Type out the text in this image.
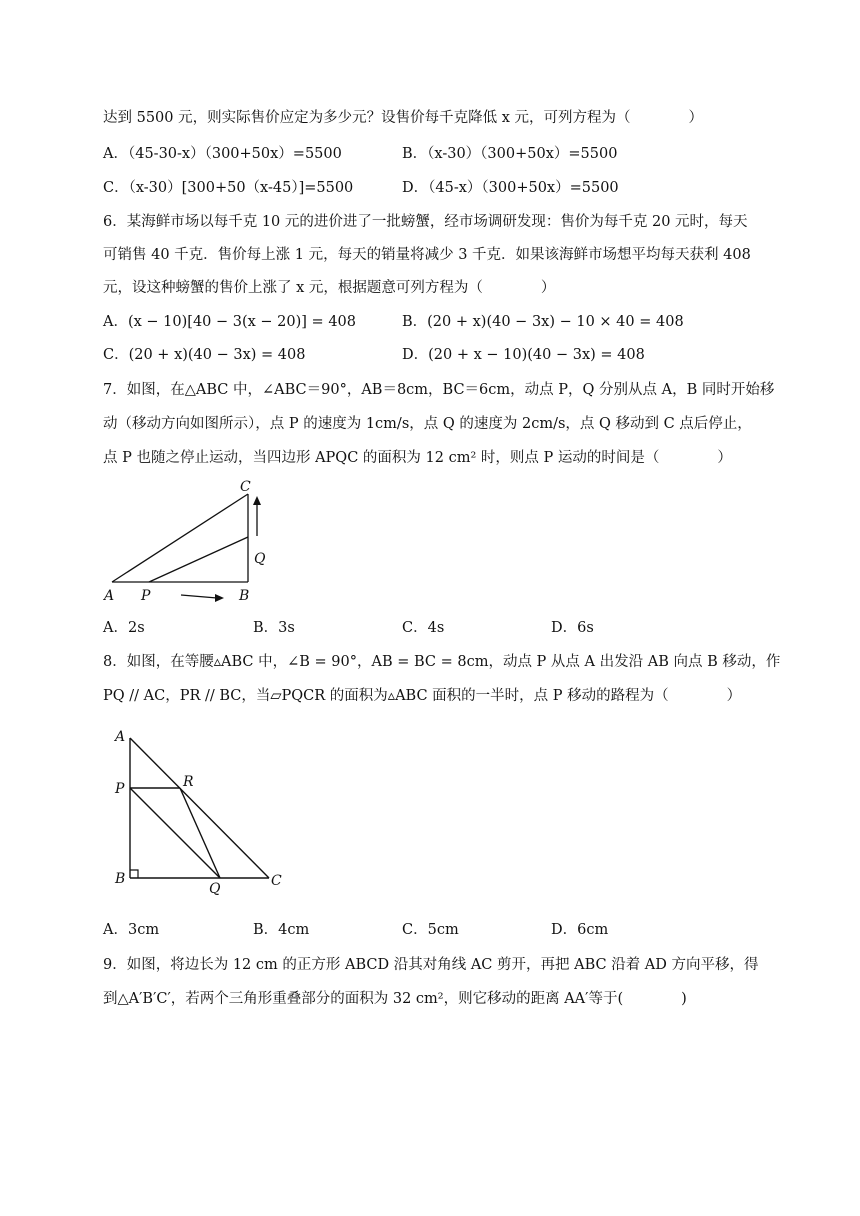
达到 5500 元，则实际售价应定为多少元？设售价每千克降低 x 元，可列方程为（　　　　）
A．（45-30-x）（300+50x）=5500	B．（x-30）（300+50x）=5500
C．（x-30）[300+50（x-45）]=5500	D．（45-x）（300+50x）=5500
6．某海鲜市场以每千克 10 元的进价进了一批螃蟹，经市场调研发现：售价为每千克 20 元时，每天
可销售 40 千克．售价每上涨 1 元，每天的销量将减少 3 千克．如果该海鲜市场想平均每天获利 408
元，设这种螃蟹的售价上涨了 x 元，根据题意可列方程为（　　　　）
A．(x − 10)[40 − 3(x − 20)] = 408	B．(20 + x)(40 − 3x) − 10 × 40 = 408
C．(20 + x)(40 − 3x) = 408	D．(20 + x − 10)(40 − 3x) = 408
7．如图，在△ABC 中，∠ABC＝90°，AB＝8cm，BC＝6cm，动点 P，Q 分别从点 A，B 同时开始移
动（移动方向如图所示），点 P 的速度为 1cm/s，点 Q 的速度为 2cm/s，点 Q 移动到 C 点后停止，
点 P 也随之停止运动，当四边形 APQC 的面积为 12 cm² 时，则点 P 运动的时间是（　　　　）
C
Q
A P	B
A．2s	B．3s	C．4s	D．6s
8．如图，在等腰▵ABC 中，∠B = 90°，AB = BC = 8cm，动点 P 从点 A 出发沿 AB 向点 B 移动，作
PQ // AC，PR // BC，当▱PQCR 的面积为▵ABC 面积的一半时，点 P 移动的路程为（　　　　）
A
P	R
B
Q	C
A．3cm	B．4cm	C．5cm	D．6cm
9．如图，将边长为 12 cm 的正方形 ABCD 沿其对角线 AC 剪开，再把 ABC 沿着 AD 方向平移，得
到△A′B′C′，若两个三角形重叠部分的面积为 32 cm²，则它移动的距离 AA′等于(　　　　)
